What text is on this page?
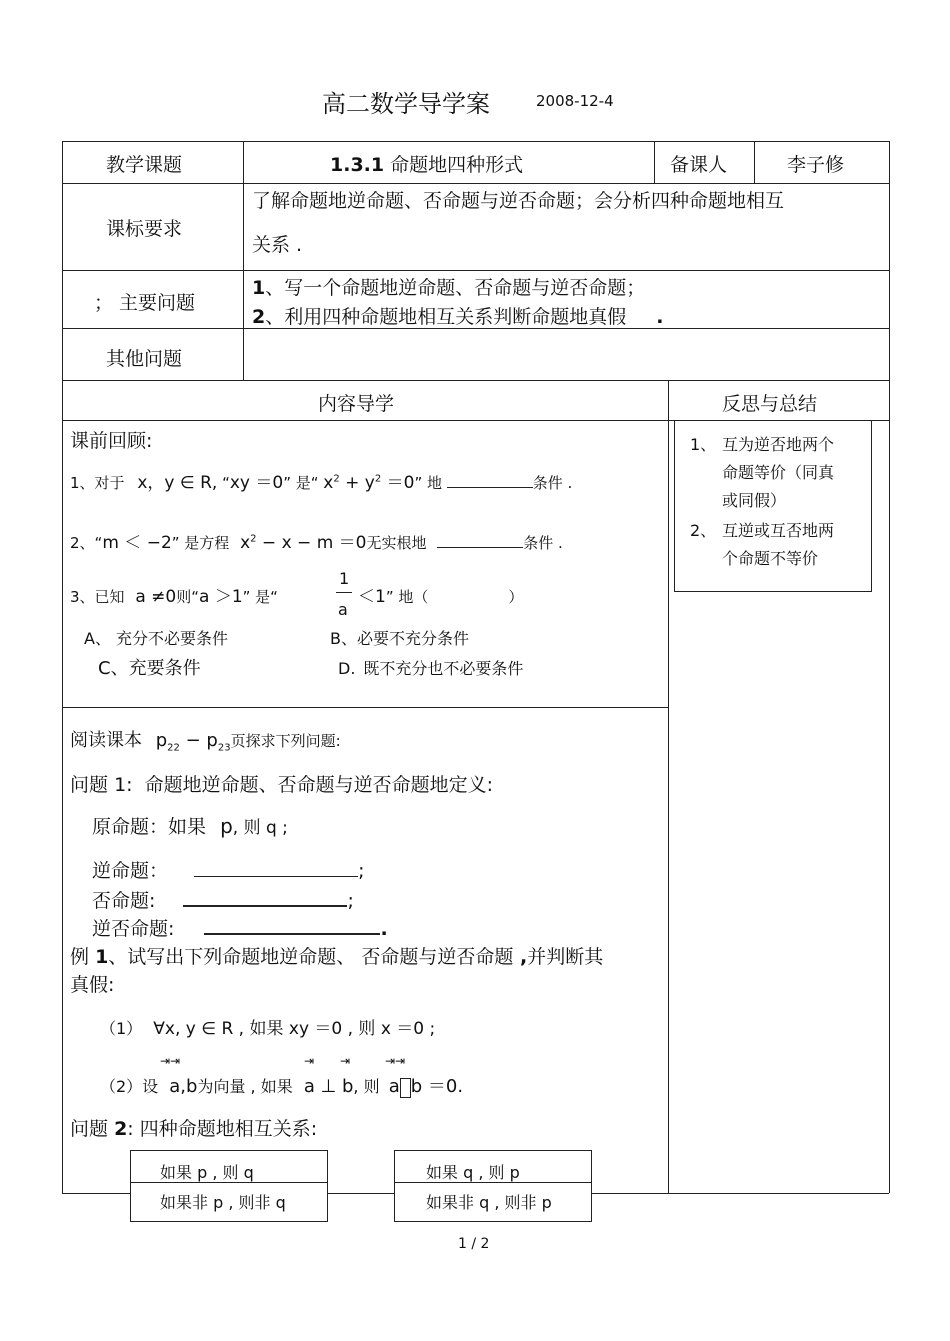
高二数学导学案	2008-12-4
教学课题	1.3.1 命题地四种形式	备课人	李子修
课标要求
了解命题地逆命题、否命题与逆否命题；会分析四种命题地相互
关系 .
； 主要问题
1、写一个命题地逆命题、否命题与逆否命题；
2、利用四种命题地相互关系判断命题地真假 .
其他问题
内容导学	反思与总结
1、 互为逆否地两个
命题等价（同真
或同假）
2、 互逆或互否地两
个命题不等价
课前回顾:
1、对于 x，y ∈ R, “xy ＝0” 是“ $x^2 + y^2 =0$” 地	条件 .
2、“m ＜ −2” 是方程 $x^2 - x - m =0$无实根地	条件 .
3、已知 a ≠0则“a ＞1” 是“
1
a
＜1” 地（	）
A、 充分不必要条件	B、必要不充分条件
C、充要条件	D. 既不充分也不必要条件
阅读课本 $p_{22} - p_{23}$页探求下列问题:
问题 1: 命题地逆命题、否命题与逆否命题地定义:
原命题：如果 p, 则 q ;
逆命题：	;
否命题:	;
逆否命题:	.
例 1、试写出下列命题地逆命题、 否命题与逆否命题 ,并判断其
真假:
（1） ∀x, y ∈ R , 如果 xy ＝0 , 则 x ＝0 ;
⇥⇥	⇥ ⇥	⇥⇥
（2）设 a,b为向量 , 如果 a ⊥ b, 则 a b ＝0.
问题 2: 四种命题地相互关系:
如果 p , 则 q
如果非 p , 则非 q
如果 q , 则 p
如果非 q , 则非 p
1 / 2
